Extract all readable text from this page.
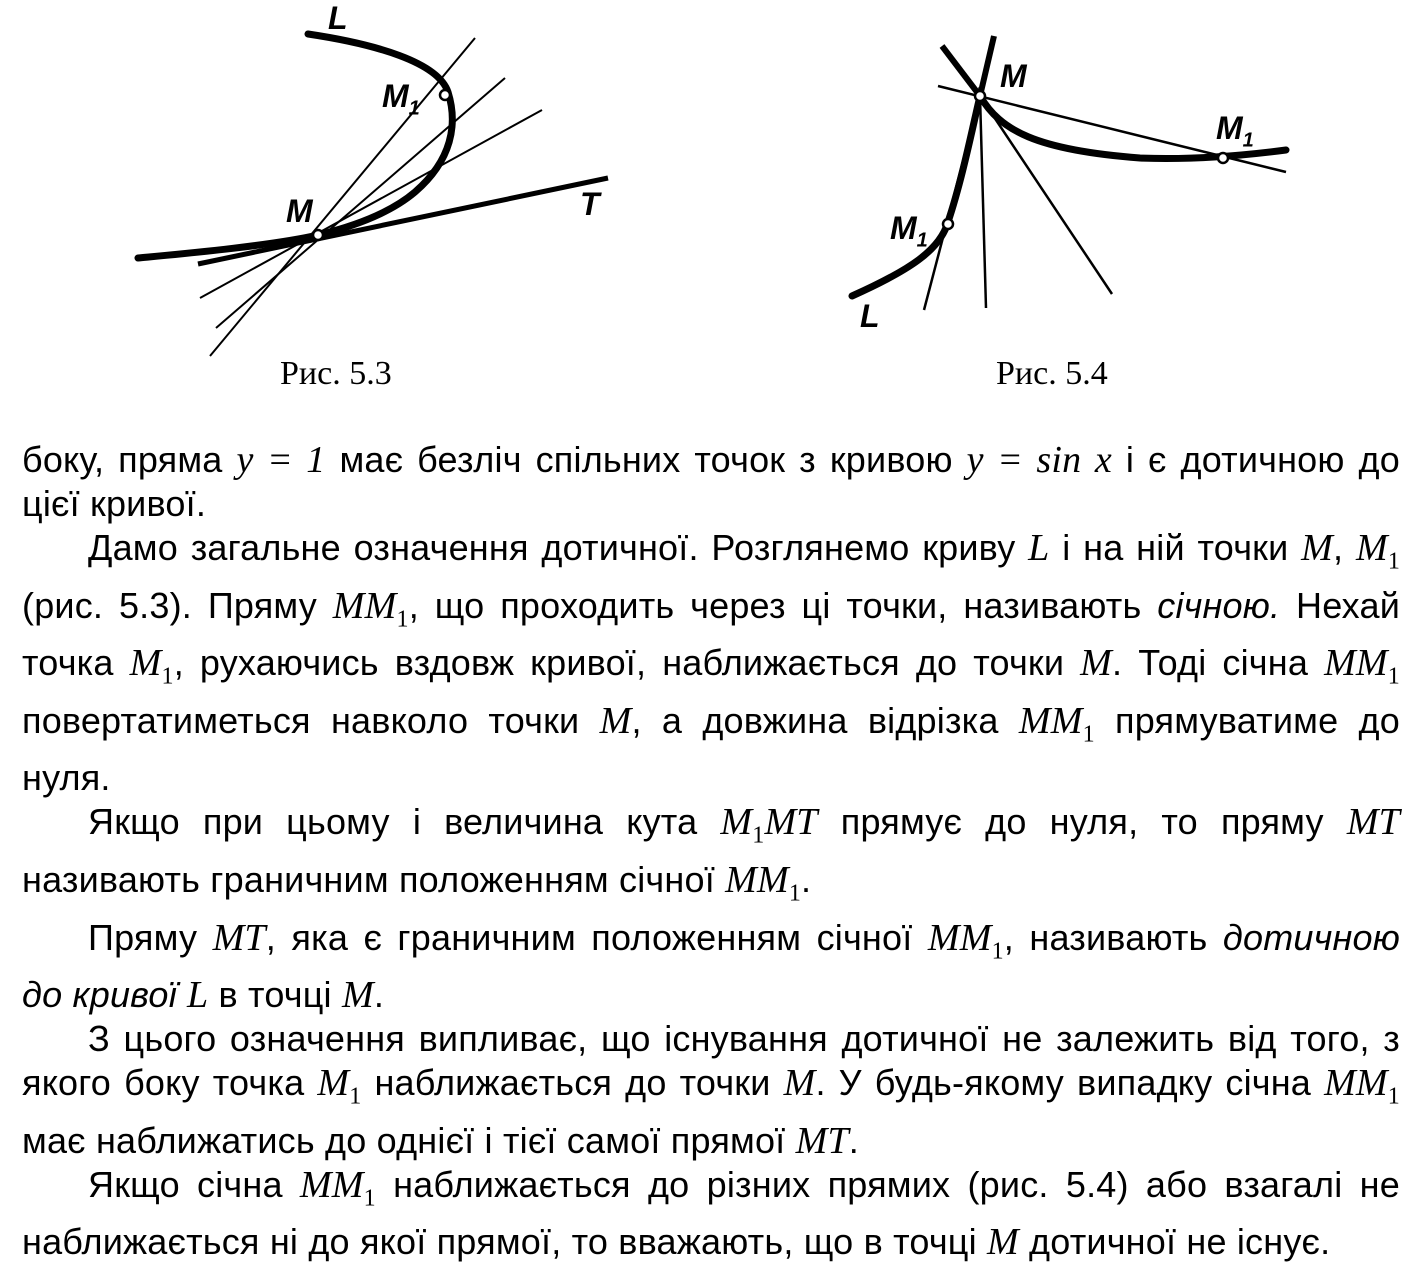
L
$M_1$
M	T
Рис. 5.3
M
$M_1$
$M_1$
L
Рис. 5.4

боку, пряма y = 1 має безліч спільних точок з кривою y = sin x і є дотичною до цієї кривої.

Дамо загальне означення дотичної. Розглянемо криву L і на ній точки M, $M_1$ (рис. 5.3). Пряму $MM_1$, що проходить через ці точки, називають січною. Нехай точка $M_1$, рухаючись вздовж кривої, наближається до точки M. Тоді січна $MM_1$ повертатиметься навколо точки M, а довжина відрізка $MM_1$ прямуватиме до нуля.

Якщо при цьому і величина кута $M_1MT$ прямує до нуля, то пряму MT називають граничним положенням січної $MM_1$.

Пряму MT, яка є граничним положенням січної $MM_1$, називають дотичною до кривої L в точці M.

З цього означення випливає, що існування дотичної не залежить від того, з якого боку точка $M_1$ наближається до точки M. У будь-якому випадку січна $MM_1$ має наближатись до однієї і тієї самої прямої MT.

Якщо січна $MM_1$ наближається до різних прямих (рис. 5.4) або взагалі не наближається ні до якої прямої, то вважають, що в точці M дотичної не існує.
